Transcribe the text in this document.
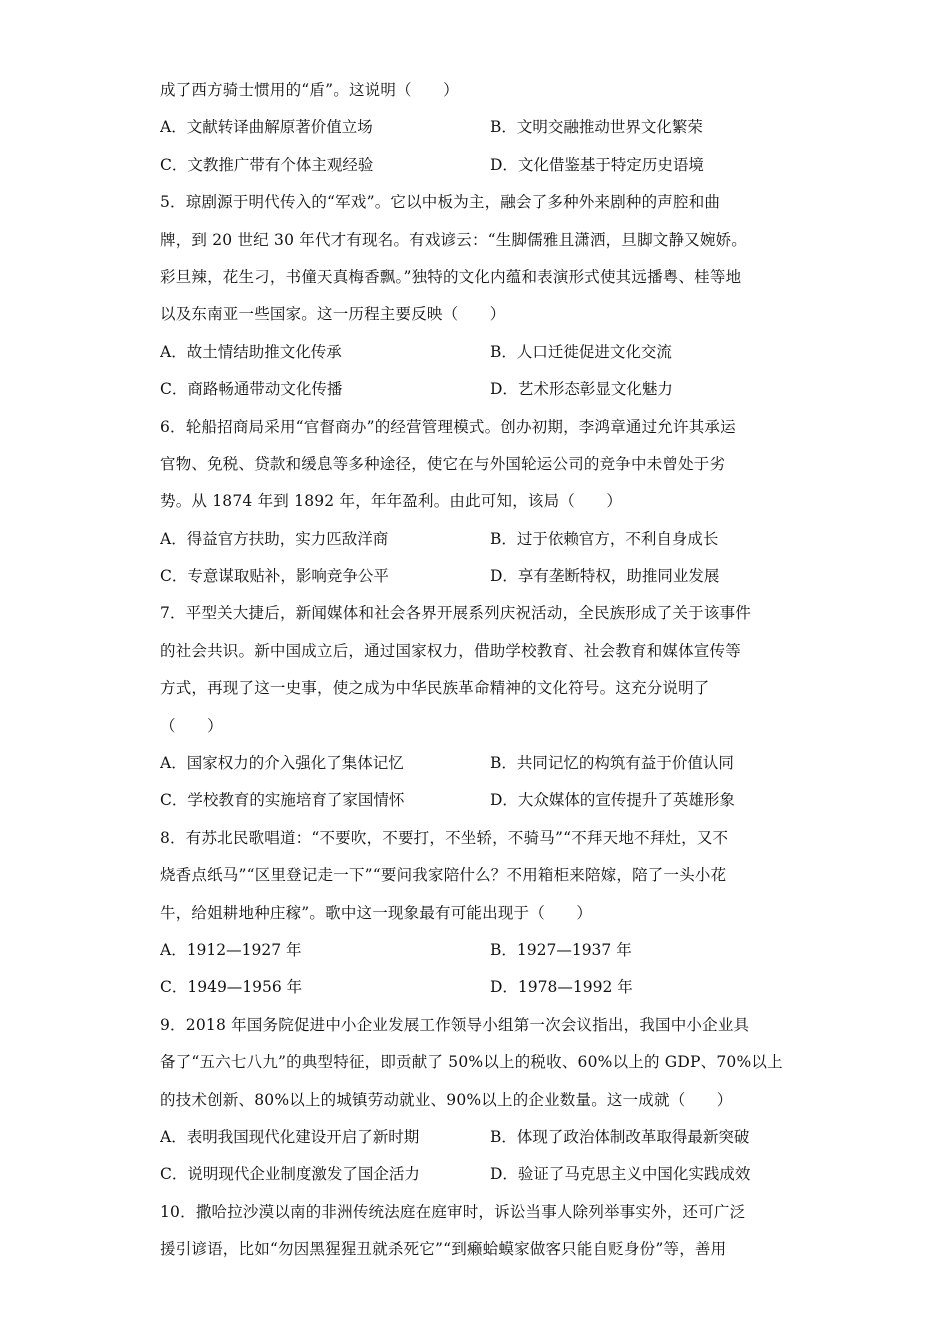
成了西方骑士惯用的“盾”。这说明（　　）
A．文献转译曲解原著价值立场	B．文明交融推动世界文化繁荣
C．文教推广带有个体主观经验	D．文化借鉴基于特定历史语境
5．琼剧源于明代传入的“军戏”。它以中板为主，融会了多种外来剧种的声腔和曲
牌，到 20 世纪 30 年代才有现名。有戏谚云：“生脚儒雅且潇洒，旦脚文静又婉娇。
彩旦辣，花生刁，书僮天真梅香飘。”独特的文化内蕴和表演形式使其远播粤、桂等地
以及东南亚一些国家。这一历程主要反映（　　）
A．故土情结助推文化传承	B．人口迁徙促进文化交流
C．商路畅通带动文化传播	D．艺术形态彰显文化魅力
6．轮船招商局采用“官督商办”的经营管理模式。创办初期，李鸿章通过允许其承运
官物、免税、贷款和缓息等多种途径，使它在与外国轮运公司的竞争中未曾处于劣
势。从 1874 年到 1892 年，年年盈利。由此可知，该局（　　）
A．得益官方扶助，实力匹敌洋商	B．过于依赖官方，不利自身成长
C．专意谋取贴补，影响竞争公平	D．享有垄断特权，助推同业发展
7．平型关大捷后，新闻媒体和社会各界开展系列庆祝活动，全民族形成了关于该事件
的社会共识。新中国成立后，通过国家权力，借助学校教育、社会教育和媒体宣传等
方式，再现了这一史事，使之成为中华民族革命精神的文化符号。这充分说明了
（　　）
A．国家权力的介入强化了集体记忆	B．共同记忆的构筑有益于价值认同
C．学校教育的实施培育了家国情怀	D．大众媒体的宣传提升了英雄形象
8．有苏北民歌唱道：“不要吹，不要打，不坐轿，不骑马”“不拜天地不拜灶，又不
烧香点纸马”“区里登记走一下”“要问我家陪什么？不用箱柜来陪嫁，陪了一头小花
牛，给姐耕地种庄稼”。歌中这一现象最有可能出现于（　　）
A．1912—1927 年	B．1927—1937 年
C．1949—1956 年	D．1978—1992 年
9．2018 年国务院促进中小企业发展工作领导小组第一次会议指出，我国中小企业具
备了“五六七八九”的典型特征，即贡献了 50%以上的税收、60%以上的 GDP、70%以上
的技术创新、80%以上的城镇劳动就业、90%以上的企业数量。这一成就（　　）
A．表明我国现代化建设开启了新时期	B．体现了政治体制改革取得最新突破
C．说明现代企业制度激发了国企活力	D．验证了马克思主义中国化实践成效
10．撒哈拉沙漠以南的非洲传统法庭在庭审时，诉讼当事人除列举事实外，还可广泛
援引谚语，比如“勿因黑猩猩丑就杀死它”“到癞蛤蟆家做客只能自贬身份”等，善用
